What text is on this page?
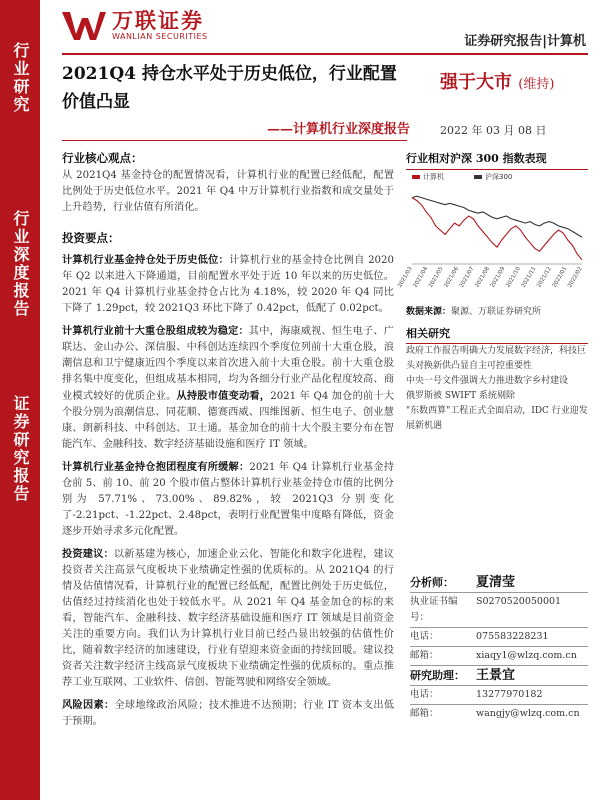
行业研究
行业深度报告
证券研究报告
万联证券
WANLIAN SECURITIES	证券研究报告|计算机
2021Q4 持仓水平处于历史低位，行业配置价值凸显
——计算机行业深度报告
强于大市 (维持)
2022 年 03 月 08 日
行业核心观点：
从 2021Q4 基金持仓的配置情况看，计算机行业的配置已经低配，配置比例处于历史低位水平。2021 年 Q4 中万计算机行业指数和成交量处于上升趋势，行业估值有所消化。
投资要点：
计算机行业基金持仓处于历史低位：计算机行业的基金持仓比例自 2020 年 Q2 以来进入下降通道，目前配置水平处于近 10 年以来的历史低位。2021 年 Q4 计算机行业基金持仓占比为 4.18%，较 2020 年 Q4 同比下降了 1.29pct，较 2021Q3 环比下降了 0.42pct，低配了 0.02pct。
计算机行业前十大重仓股组成较为稳定：其中，海康威视、恒生电子、广联达、金山办公、深信服、中科创达连续四个季度位列前十大重仓股，浪潮信息和卫宁健康近四个季度以来首次进入前十大重仓股。前十大重仓股排名集中度变化，但组成基本相同，均为各细分行业产品化程度较高、商业模式较好的优质企业。从持股市值变动看，2021 年 Q4 加仓的前十大个股分别为浪潮信息、同花顺、德赛西威、四维图新、恒生电子、创业慧康、朗新科技、中科创达、卫士通。基金加仓的前十大个股主要分布在智能汽车、金融科技、数字经济基础设施和医疗 IT 领域。
计算机行业基金持仓抱团程度有所缓解：2021 年 Q4 计算机行业基金持仓前 5、前 10、前 20 个股市值占整体计算机行业基金持仓市值的比例分别为 57.71%、73.00%、89.82%，较 2021Q3 分别变化了-2.21pct、-1.22pct、2.48pct，表明行业配置集中度略有降低，资金逐步开始寻求多元化配置。
投资建议：以新基建为核心，加速企业云化、智能化和数字化进程，建议投资者关注高景气度板块下业绩确定性强的优质标的。从 2021Q4 的行情及估值情况看，计算机行业的配置已经低配，配置比例处于历史低位，估值经过持续消化也处于较低水平。从 2021 年 Q4 基金加仓的标的来看，智能汽车、金融科技、数字经济基础设施和医疗 IT 领域是目前资金关注的重要方向。我们认为计算机行业目前已经凸显出较强的估值性价比，随着数字经济的加速建设，行业有望迎来资金面的持续回暖。建议投资者关注数字经济主线高景气度板块下业绩确定性强的优质标的。重点推荐工业互联网、工业软件、信创、智能驾驶和网络安全领域。
风险因素：全球地缘政治风险；技术推进不达预期；行业 IT 资本支出低于预期。
行业相对沪深 300 指数表现
计算机	沪深300
2021/03
2021/04
2021/05
2021/06
2021/07
2021/08
2021/09
2021/10
2021/11
2021/12
2022/01
2022/02
数据来源：聚源、万联证券研究所
相关研究
政府工作报告明确大力发展数字经济，科技巨头对换新供凸显自主可控重要性
中央一号文件强调大力推进数字乡村建设
俄罗斯被 SWIFT 系统剔除
"东数西算"工程正式全面启动，IDC 行业迎发展新机遇
分析师：	夏清莹
执业证书编号：
S0270520050001
电话：	075583228231
邮箱：	xiaqy1@wlzq.com.cn
研究助理： 王景宜
电话：	13277970182
邮箱：	wangjy@wlzq.com.cn
